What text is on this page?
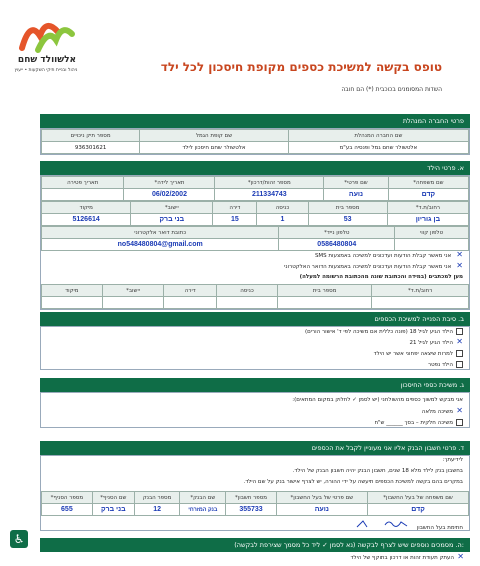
אלשוולד שחם
ניהול ובניית תיקי השקעות • ייעוץ	טופס בקשה למשיכת כספים מקופת חיסכון לכל ילד
השדות המסומנים בכוכבית (*) הם חובה
פרטי החברה המנהלת
שם החברה המנהלת	שם קופת הגמל	מספר תיק ניכויים
אלטשולר שחם גמל ופנסיה בע"מ	אלטשולר שחם חיסכון לילד	936301621
א. פרטי הילד
שם משפחה*	שם פרטי*	מספר זהות/דרכון*	תאריך לידה*	תאריך פטירה
קדם	נועה	211334743	06/02/2002	
רחוב/ת.ד*	מספר בית	כניסה	דירה	יישוב*	מיקוד
בן גוריון	53	1	15	בני ברק	5126614
טלפון קווי	טלפון נייד*	כתובת דואר אלקטרוני
	0586480804	no548480804@gmail.com
✕ אני מאשר קבלת הודעות ועדכונים למשיכה באמצעות SMS
✕ אני מאשר קבלת הודעות ועדכונים למשיכה באמצעות הדואר האלקטרוני
מען למכתבים (במידה והכתובת שונה מהכתובת הרשומה למעלה)
רחוב/ת.ד*	מספר בית	כניסה	דירה	יישוב*	מיקוד

ב. סיבת הפנייה למשיכת הכספים
הילד הגיע לגיל 18 (פונה כללית אם משיכה לפי ד' אישור הורים)
✕הילד הגיע לגיל 21
למרות שיצאה יפחוני אשר יש הילד
הילד נפטר
ג. משיכת כספי החיסכון
אני מבקש למשוך כספים מהשולחני (יש לסמן ✓ לחלוק במקום המתאים):
✕משיכה מלאה
משיכה חלקית – בסך ______ ש"ח
ד. פרטי חשבון הבנק אליו אני מעוניין לקבל את הכספים
לידיעתך:
בחשבון בנק לילד מלא 18 שנים, חשבון הבנק יהיה חשבון הבנק של הילד.
במקרים בהם בקשה למשיכת הכספים תיעשה על ידי ההורה, יש לצרף אישור בנק על שם הילד.
שם משפחה של בעל החשבון*	שם פרטי של בעל החשבון*	מספר חשבון*	שם הבנק*	מספר הבנק	שם הסניף*	מספר הסניף*
קדם	נועה	355733	בנק המזרחי	12	בני ברק	655
חתימת בעל החשבון
ה. מסמכים נוספים שיש לצרף לבקשה (נא לסמן ✓ ליד כל מסמך שצירפת לבקשה):
✕העתק תעודת זהות או דרכון בתוקף של הילד
♿
